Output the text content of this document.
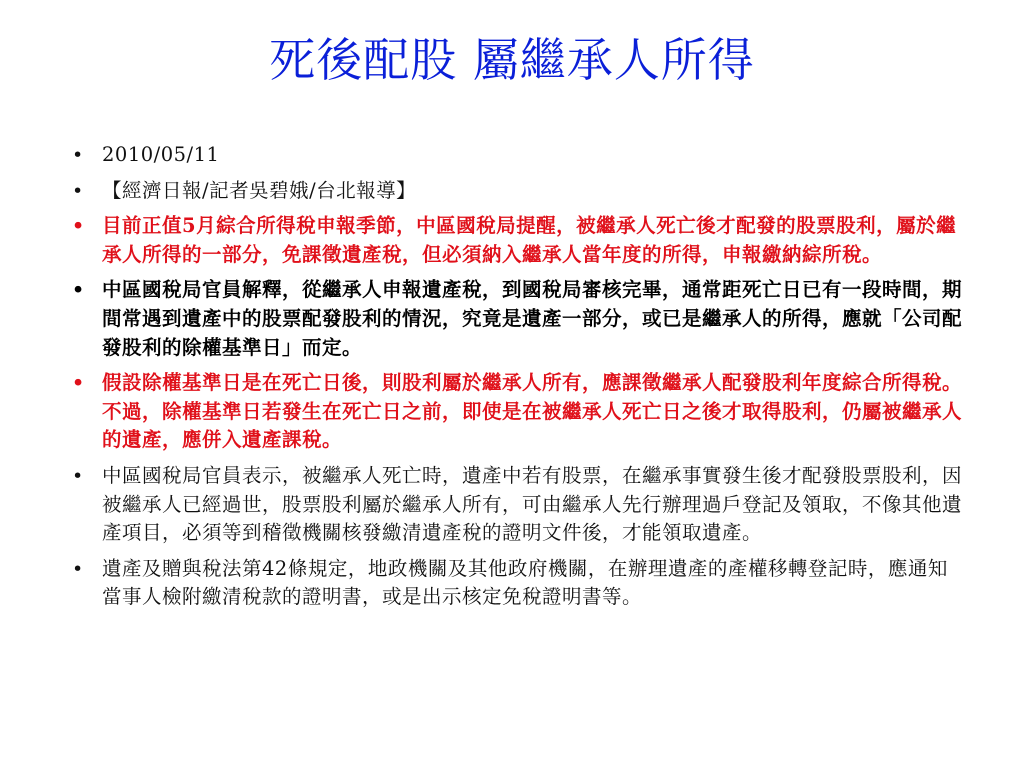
死後配股 屬繼承人所得
• 2010/05/11
• 【經濟日報/記者吳碧娥/台北報導】
• 目前正值5月綜合所得稅申報季節，中區國稅局提醒，被繼承人死亡後才配發的股票股利，屬於繼承人所得的一部分，免課徵遺產稅，但必須納入繼承人當年度的所得，申報繳納綜所稅。
• 中區國稅局官員解釋，從繼承人申報遺產稅，到國稅局審核完畢，通常距死亡日已有一段時間，期間常遇到遺產中的股票配發股利的情況，究竟是遺產一部分，或已是繼承人的所得，應就「公司配發股利的除權基準日」而定。
• 假設除權基準日是在死亡日後，則股利屬於繼承人所有，應課徵繼承人配發股利年度綜合所得稅。不過，除權基準日若發生在死亡日之前，即使是在被繼承人死亡日之後才取得股利，仍屬被繼承人的遺產，應併入遺產課稅。
• 中區國稅局官員表示，被繼承人死亡時，遺產中若有股票，在繼承事實發生後才配發股票股利，因被繼承人已經過世，股票股利屬於繼承人所有，可由繼承人先行辦理過戶登記及領取，不像其他遺產項目，必須等到稽徵機關核發繳清遺產稅的證明文件後，才能領取遺產。
• 遺產及贈與稅法第42條規定，地政機關及其他政府機關，在辦理遺產的產權移轉登記時，應通知當事人檢附繳清稅款的證明書，或是出示核定免稅證明書等。
